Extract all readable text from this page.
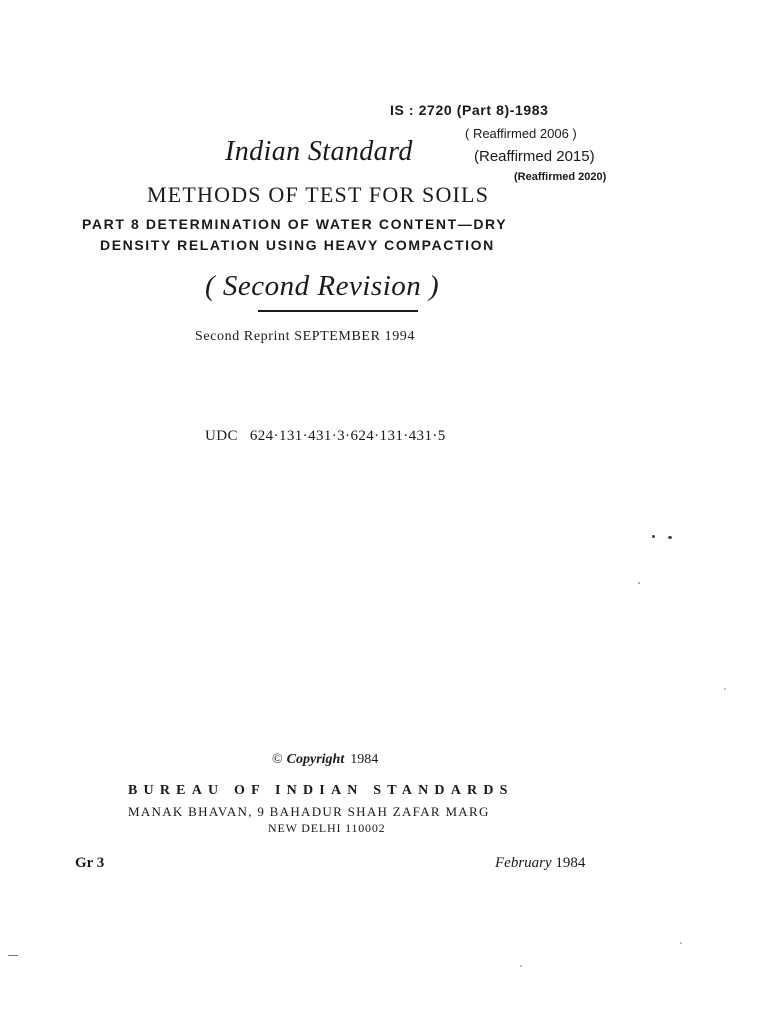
IS : 2720 (Part 8)-1983
( Reaffirmed 2006 )
(Reaffirmed 2015)
(Reaffirmed 2020)
Indian Standard
METHODS OF TEST FOR SOILS
PART 8 DETERMINATION OF WATER CONTENT—DRY
DENSITY RELATION USING HEAVY COMPACTION
( Second Revision )
Second Reprint SEPTEMBER 1994
UDC 624·131·431·3·624·131·431·5
© Copyright 1984
BUREAU OF INDIAN STANDARDS
MANAK BHAVAN, 9 BAHADUR SHAH ZAFAR MARG
NEW DELHI 110002
Gr 3	February 1984
